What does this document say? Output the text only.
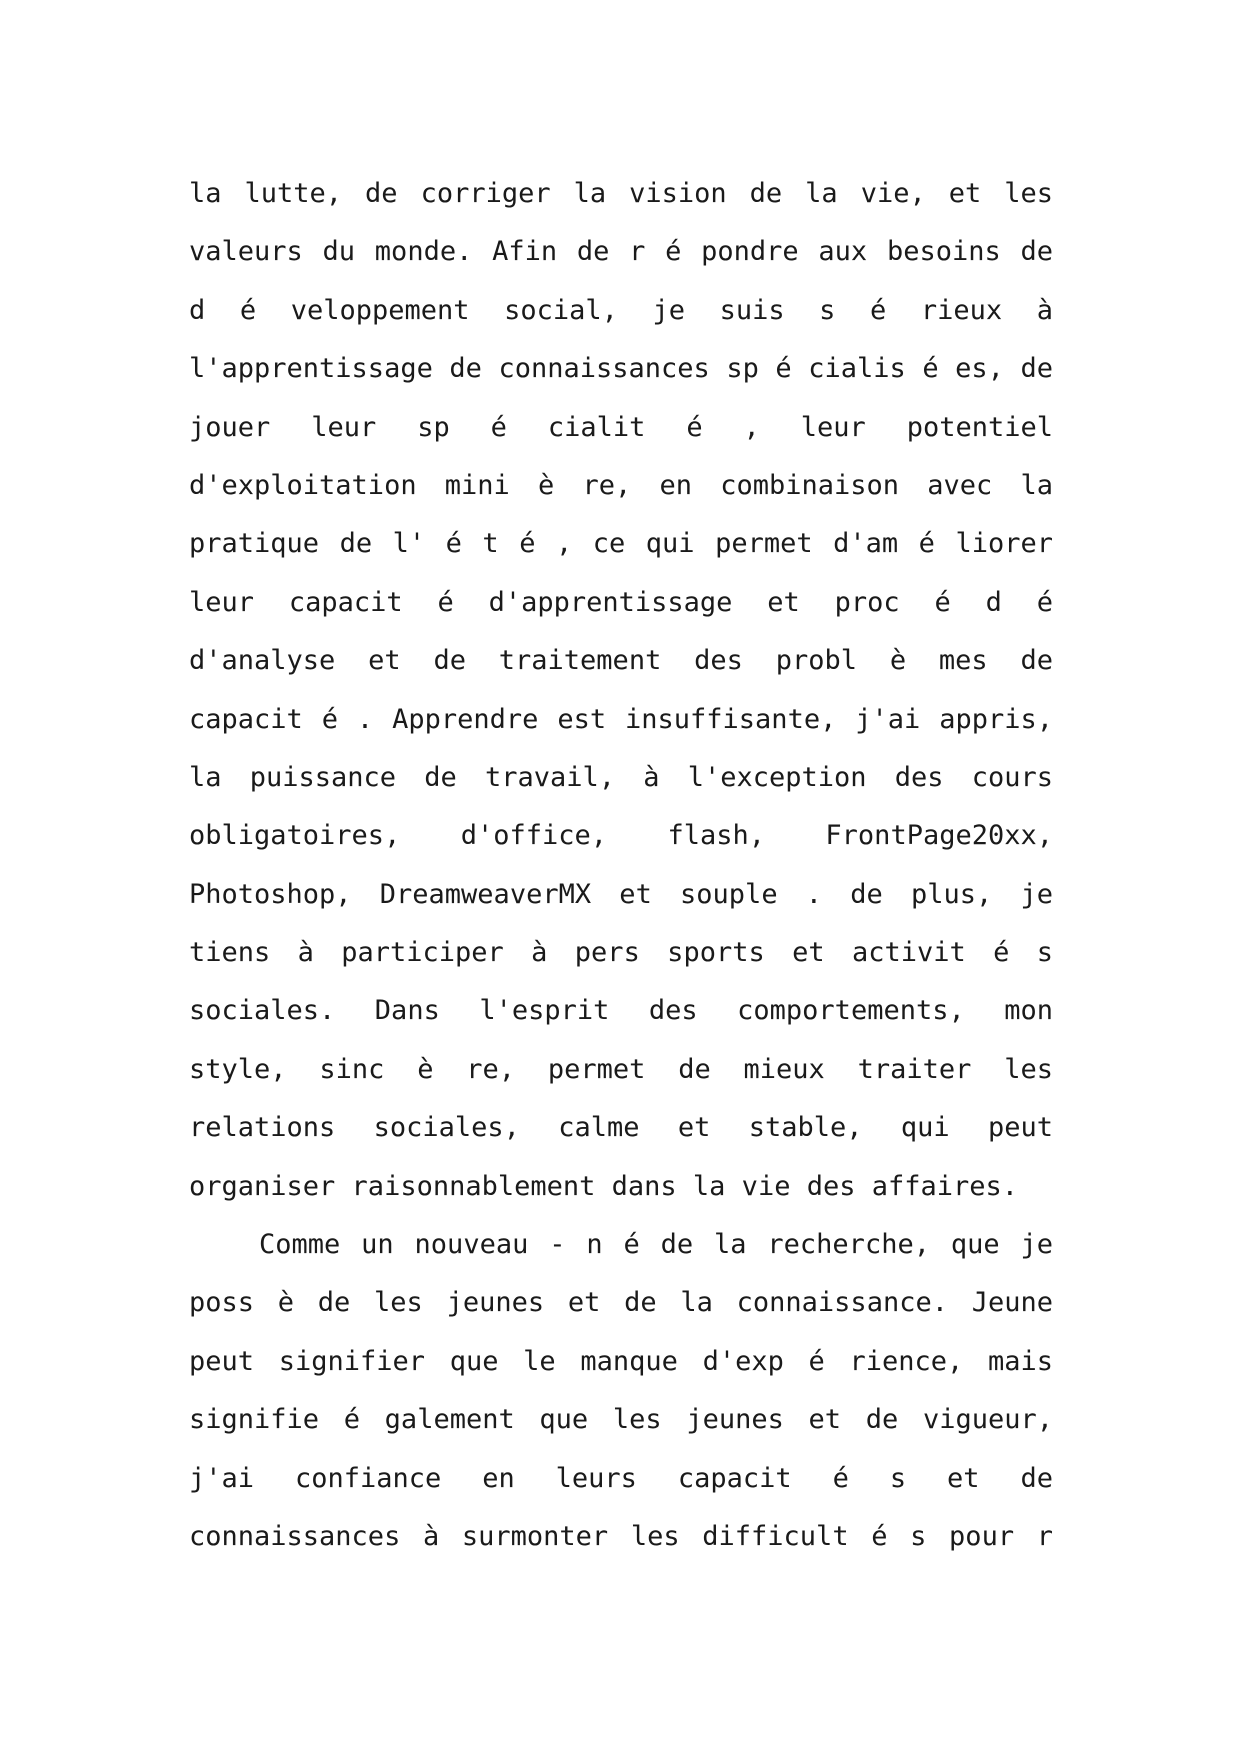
la lutte, de corriger la vision de la vie, et les
valeurs du monde. Afin de r é pondre aux besoins de
d é veloppement social, je suis s é rieux à
l'apprentissage de connaissances sp é cialis é es, de
jouer leur sp é cialit é , leur potentiel
d'exploitation mini è re, en combinaison avec la
pratique de l' é t é , ce qui permet d'am é liorer
leur capacit é d'apprentissage et proc é d é
d'analyse et de traitement des probl è mes de
capacit é . Apprendre est insuffisante, j'ai appris,
la puissance de travail, à l'exception des cours
obligatoires, d'office, flash, FrontPage20xx,
Photoshop, DreamweaverMX et souple . de plus, je
tiens à participer à pers sports et activit é s
sociales. Dans l'esprit des comportements, mon
style, sinc è re, permet de mieux traiter les
relations sociales, calme et stable, qui peut
organiser raisonnablement dans la vie des affaires.
Comme un nouveau - n é de la recherche, que je
poss è de les jeunes et de la connaissance. Jeune
peut signifier que le manque d'exp é rience, mais
signifie é galement que les jeunes et de vigueur,
j'ai confiance en leurs capacit é s et de
connaissances à surmonter les difficult é s pour r
